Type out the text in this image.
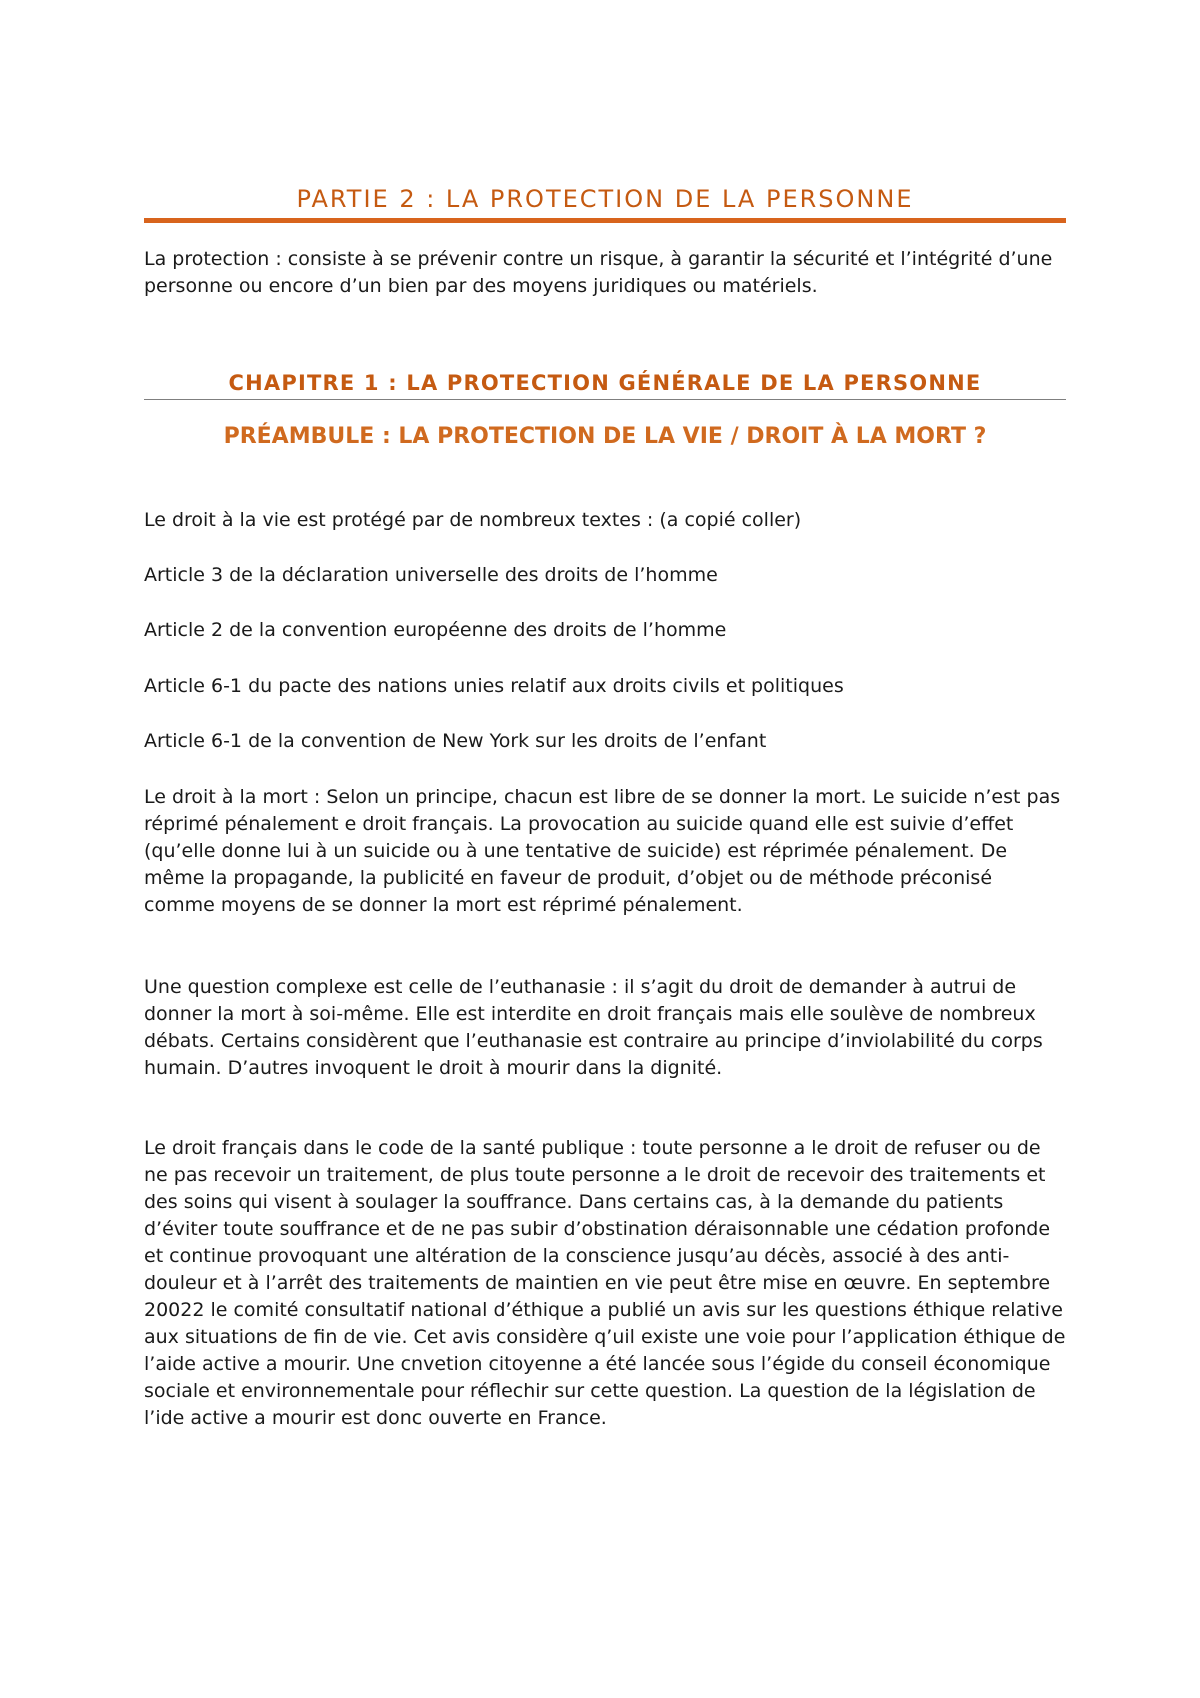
PARTIE 2 : LA PROTECTION DE LA PERSONNE

La protection : consiste à se prévenir contre un risque, à garantir la sécurité et l’intégrité d’une personne ou encore d’un bien par des moyens juridiques ou matériels.

CHAPITRE 1 : LA PROTECTION GÉNÉRALE DE LA PERSONNE
PRÉAMBULE : LA PROTECTION DE LA VIE / DROIT À LA MORT ?

Le droit à la vie est protégé par de nombreux textes : (a copié coller)

Article 3 de la déclaration universelle des droits de l’homme

Article 2 de la convention européenne des droits de l’homme

Article 6-1 du pacte des nations unies relatif aux droits civils et politiques

Article 6-1 de la convention de New York sur les droits de l’enfant

Le droit à la mort : Selon un principe, chacun est libre de se donner la mort. Le suicide n’est pas réprimé pénalement e droit français. La provocation au suicide quand elle est suivie d’effet (qu’elle donne lui à un suicide ou à une tentative de suicide) est réprimée pénalement. De même la propagande, la publicité en faveur de produit, d’objet ou de méthode préconisé comme moyens de se donner la mort est réprimé pénalement.

Une question complexe est celle de l’euthanasie : il s’agit du droit de demander à autrui de donner la mort à soi-même. Elle est interdite en droit français mais elle soulève de nombreux débats. Certains considèrent que l’euthanasie est contraire au principe d’inviolabilité du corps humain. D’autres invoquent le droit à mourir dans la dignité.

Le droit français dans le code de la santé publique : toute personne a le droit de refuser ou de ne pas recevoir un traitement, de plus toute personne a le droit de recevoir des traitements et des soins qui visent à soulager la souffrance. Dans certains cas, à la demande du patients d’éviter toute souffrance et de ne pas subir d’obstination déraisonnable une cédation profonde et continue provoquant une altération de la conscience jusqu’au décès, associé à des anti-douleur et à l’arrêt des traitements de maintien en vie peut être mise en œuvre. En septembre 20022 le comité consultatif national d’éthique a publié un avis sur les questions éthique relative aux situations de fin de vie. Cet avis considère q’uil existe une voie pour l’application éthique de l’aide active a mourir. Une cnvetion citoyenne a été lancée sous l’égide du conseil économique sociale et environnementale pour réflechir sur cette question. La question de la législation de l’ide active a mourir est donc ouverte en France.
